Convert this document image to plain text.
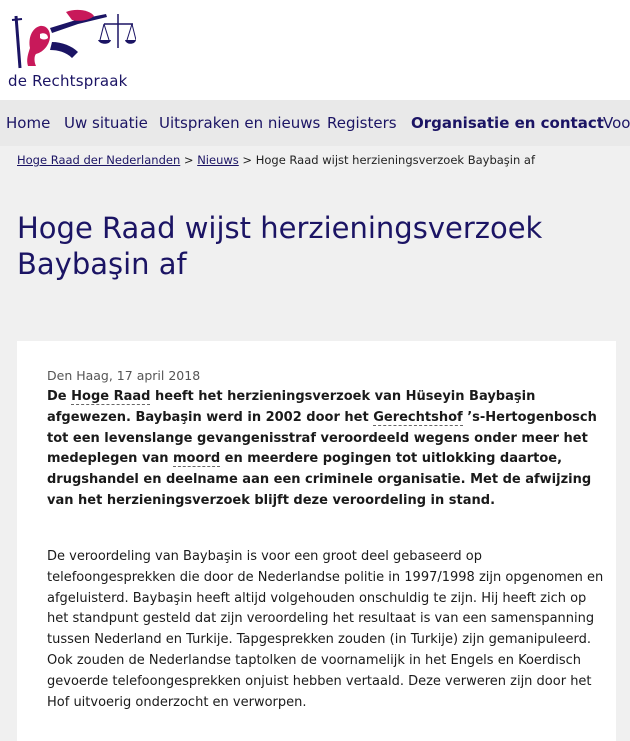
de Rechtspraak
Home Uw situatie Uitspraken en nieuws Registers Organisatie en contact Voo
Hoge Raad der Nederlanden > Nieuws > Hoge Raad wijst herzieningsverzoek Baybaşin af
Hoge Raad wijst herzieningsverzoek
Baybaşin af
Den Haag, 17 april 2018

De Hoge Raad heeft het herzieningsverzoek van Hüseyin Baybaşin afgewezen. Baybaşin werd in 2002 door het Gerechtshof ’s-Hertogenbosch tot een levenslange gevangenisstraf veroordeeld wegens onder meer het medeplegen van moord en meerdere pogingen tot uitlokking daartoe, drugshandel en deelname aan een criminele organisatie. Met de afwijzing van het herzieningsverzoek blijft deze veroordeling in stand.

De veroordeling van Baybaşin is voor een groot deel gebaseerd op telefoongesprekken die door de Nederlandse politie in 1997/1998 zijn opgenomen en afgeluisterd. Baybaşin heeft altijd volgehouden onschuldig te zijn. Hij heeft zich op het standpunt gesteld dat zijn veroordeling het resultaat is van een samenspanning tussen Nederland en Turkije. Tapgesprekken zouden (in Turkije) zijn gemanipuleerd. Ook zouden de Nederlandse taptolken de voornamelijk in het Engels en Koerdisch gevoerde telefoongesprekken onjuist hebben vertaald. Deze verweren zijn door het Hof uitvoerig onderzocht en verworpen.
